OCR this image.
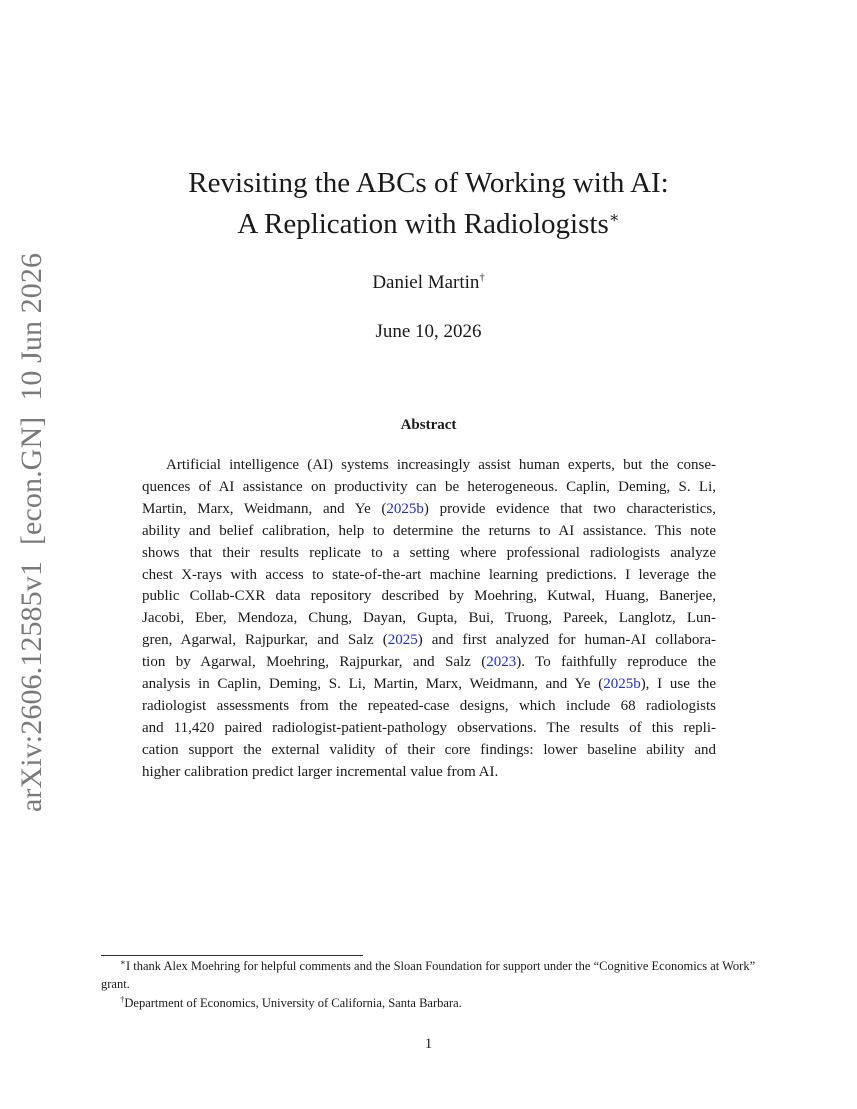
arXiv:2606.12585v1[econ.GN]10 Jun 2026
Revisiting the ABCs of Working with AI:
A Replication with Radiologists∗
Daniel Martin†
June 10, 2026
Abstract

Artificial intelligence (AI) systems increasingly assist human experts, but the conse-
quences of AI assistance on productivity can be heterogeneous. Caplin, Deming, S. Li,
Martin, Marx, Weidmann, and Ye (2025b) provide evidence that two characteristics,
ability and belief calibration, help to determine the returns to AI assistance. This note
shows that their results replicate to a setting where professional radiologists analyze
chest X-rays with access to state-of-the-art machine learning predictions. I leverage the
public Collab-CXR data repository described by Moehring, Kutwal, Huang, Banerjee,
Jacobi, Eber, Mendoza, Chung, Dayan, Gupta, Bui, Truong, Pareek, Langlotz, Lun-
gren, Agarwal, Rajpurkar, and Salz (2025) and first analyzed for human-AI collabora-
tion by Agarwal, Moehring, Rajpurkar, and Salz (2023). To faithfully reproduce the
analysis in Caplin, Deming, S. Li, Martin, Marx, Weidmann, and Ye (2025b), I use the
radiologist assessments from the repeated-case designs, which include 68 radiologists
and 11,420 paired radiologist-patient-pathology observations. The results of this repli-
cation support the external validity of their core findings: lower baseline ability and
higher calibration predict larger incremental value from AI.

∗I thank Alex Moehring for helpful comments and the Sloan Foundation for support under the “Cognitive Economics at Work” grant.

†Department of Economics, University of California, Santa Barbara.

1
